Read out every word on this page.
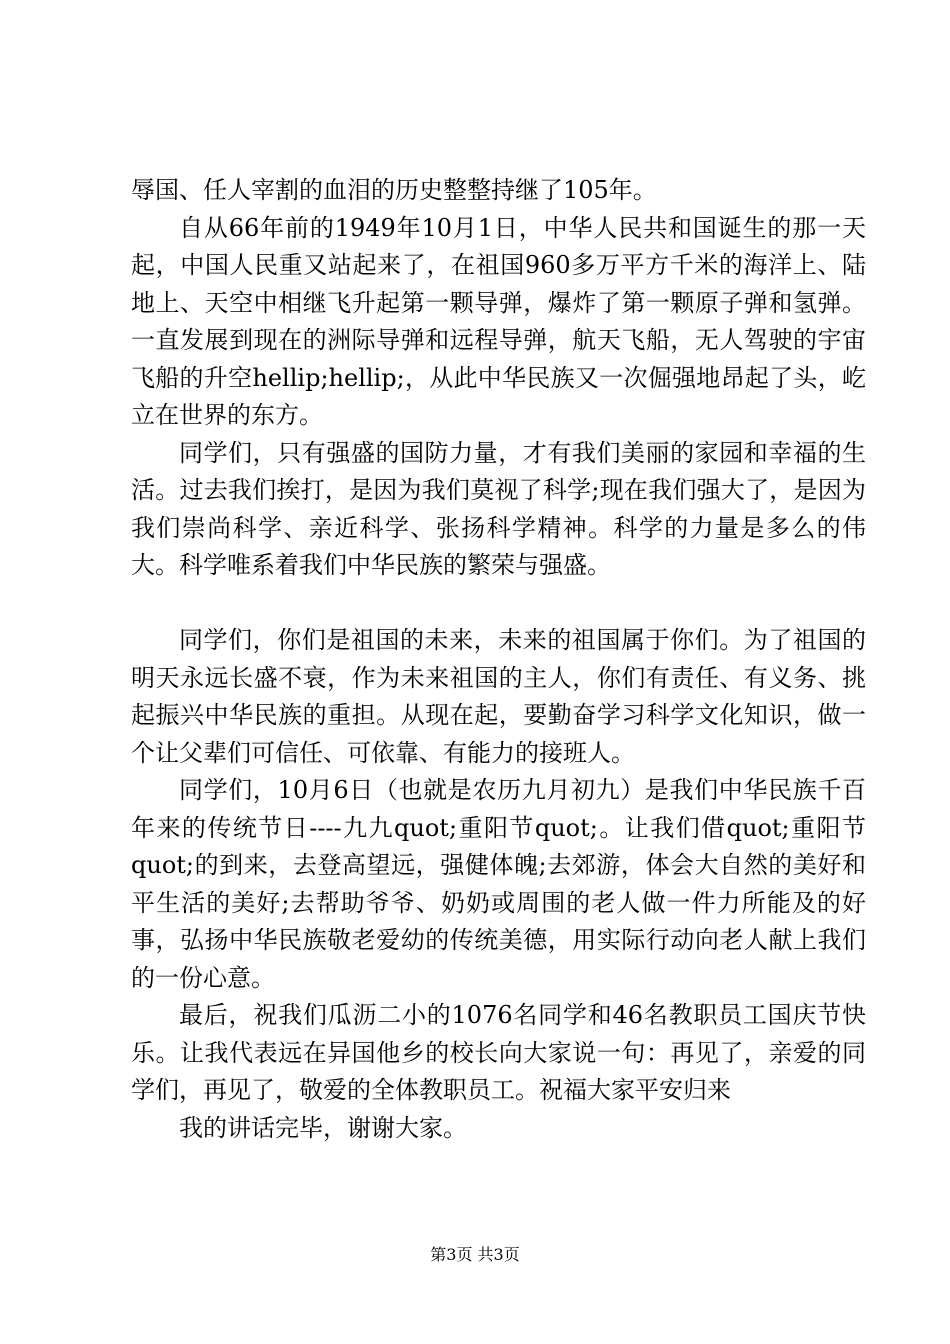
辱国、任人宰割的血泪的历史整整持继了105年。

自从66年前的1949年10月1日，中华人民共和国诞生的那一天起，中国人民重又站起来了，在祖国960多万平方千米的海洋上、陆地上、天空中相继飞升起第一颗导弹，爆炸了第一颗原子弹和氢弹。一直发展到现在的洲际导弹和远程导弹，航天飞船，无人驾驶的宇宙飞船的升空hellip;hellip;，从此中华民族又一次倔强地昂起了头，屹立在世界的东方。

同学们，只有强盛的国防力量，才有我们美丽的家园和幸福的生活。过去我们挨打，是因为我们莫视了科学;现在我们强大了，是因为我们崇尚科学、亲近科学、张扬科学精神。科学的力量是多么的伟大。科学唯系着我们中华民族的繁荣与强盛。

同学们，你们是祖国的未来，未来的祖国属于你们。为了祖国的明天永远长盛不衰，作为未来祖国的主人，你们有责任、有义务、挑起振兴中华民族的重担。从现在起，要勤奋学习科学文化知识，做一个让父辈们可信任、可依靠、有能力的接班人。

同学们，10月6日（也就是农历九月初九）是我们中华民族千百年来的传统节日----九九quot;重阳节quot;。让我们借quot;重阳节quot;的到来，去登高望远，强健体魄;去郊游，体会大自然的美好和平生活的美好;去帮助爷爷、奶奶或周围的老人做一件力所能及的好事，弘扬中华民族敬老爱幼的传统美德，用实际行动向老人献上我们的一份心意。

最后，祝我们瓜沥二小的1076名同学和46名教职员工国庆节快乐。让我代表远在异国他乡的校长向大家说一句：再见了，亲爱的同学们，再见了，敬爱的全体教职员工。祝福大家平安归来

我的讲话完毕，谢谢大家。

第3页 共3页
